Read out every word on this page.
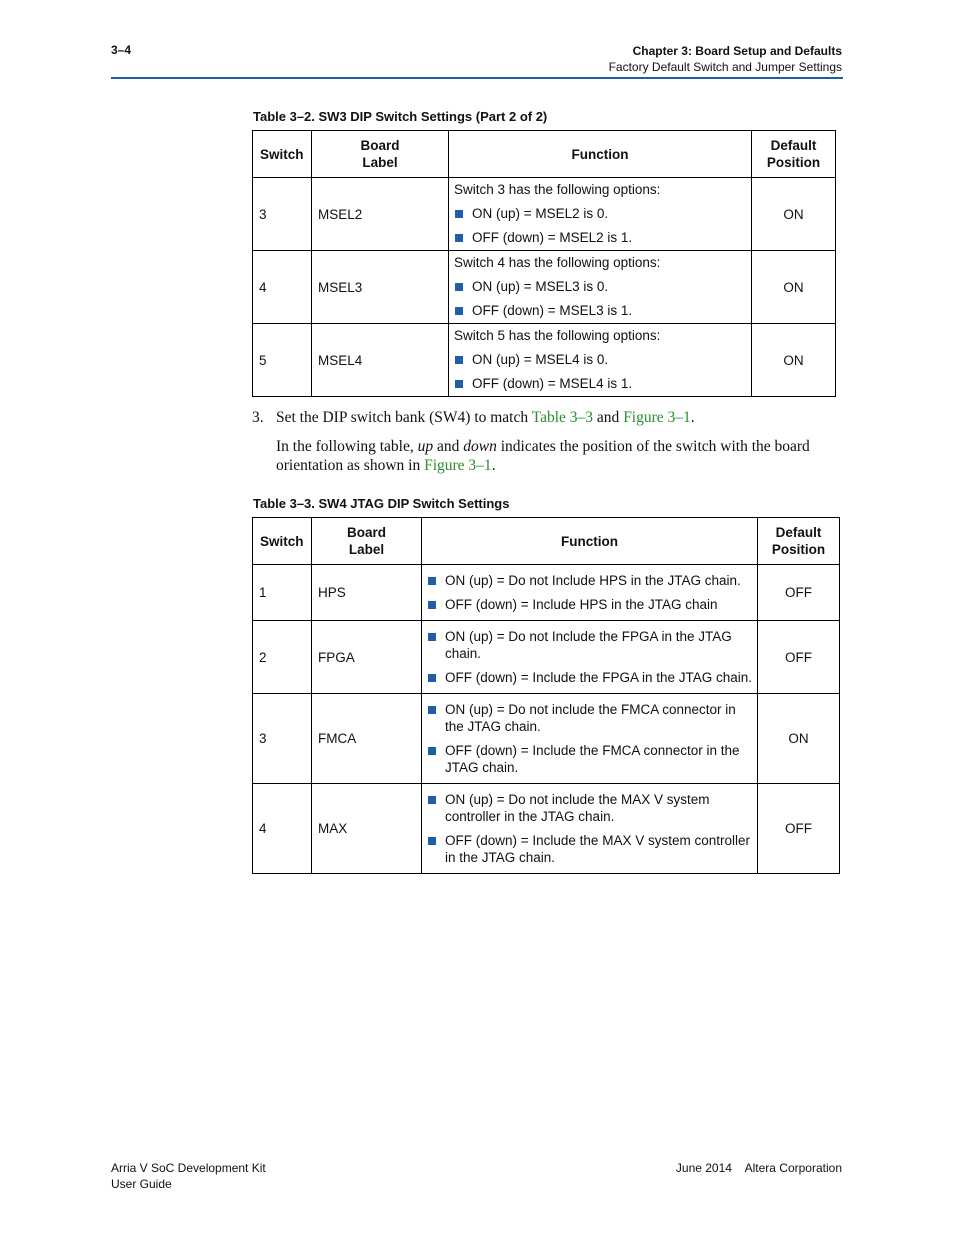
3–4	Chapter 3: Board Setup and Defaults
Factory Default Switch and Jumper Settings
Table 3–2. SW3 DIP Switch Settings (Part 2 of 2)
Switch	Board
Label	Function	Default
Position
3	MSEL2	Switch 3 has the following options:
ON (up) = MSEL2 is 0.
OFF (down) = MSEL2 is 1.	ON
4	MSEL3	Switch 4 has the following options:
ON (up) = MSEL3 is 0.
OFF (down) = MSEL3 is 1.	ON
5	MSEL4	Switch 5 has the following options:
ON (up) = MSEL4 is 0.
OFF (down) = MSEL4 is 1.	ON
3. Set the DIP switch bank (SW4) to match Table 3–3 and Figure 3–1.
In the following table, up and down indicates the position of the switch with the board orientation as shown in Figure 3–1.
Table 3–3. SW4 JTAG DIP Switch Settings
Switch	Board
Label	Function	Default
Position
1	HPS	ON (up) = Do not Include HPS in the JTAG chain.
OFF (down) = Include HPS in the JTAG chain	OFF
2	FPGA	ON (up) = Do not Include the FPGA in the JTAG chain.
OFF (down) = Include the FPGA in the JTAG chain.	OFF
3	FMCA	ON (up) = Do not include the FMCA connector in the JTAG chain.
OFF (down) = Include the FMCA connector in the JTAG chain.	ON
4	MAX	ON (up) = Do not include the MAX V system controller in the JTAG chain.
OFF (down) = Include the MAX V system controller in the JTAG chain.	OFF
Arria V SoC Development Kit
User Guide
June 2014    Altera Corporation
